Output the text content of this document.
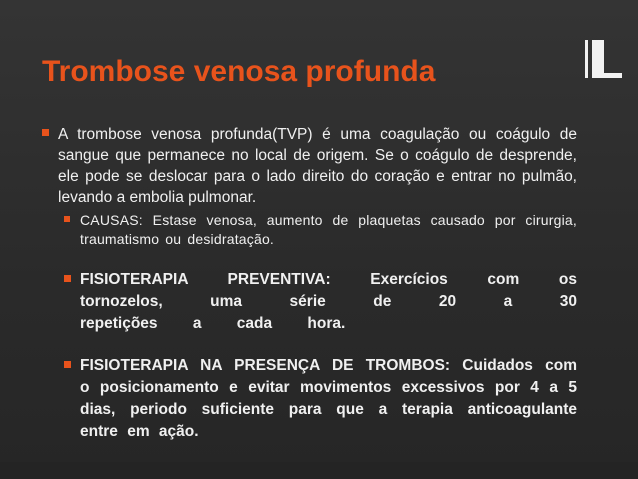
Trombose venosa profunda
A trombose venosa profunda(TVP) é uma coagulação ou coágulo de sangue que permanece no local de origem. Se o coágulo de desprende, ele pode se deslocar para o lado direito do coração e entrar no pulmão, levando a embolia pulmonar.
CAUSAS: Estase venosa, aumento de plaquetas causado por cirurgia, traumatismo ou desidratação.
FISIOTERAPIA PREVENTIVA: Exercícios com os tornozelos, uma série de 20 a 30 repetições a cada hora.
FISIOTERAPIA NA PRESENÇA DE TROMBOS: Cuidados com o posicionamento e evitar movimentos excessivos por 4 a 5 dias, periodo suficiente para que a terapia anticoagulante entre em ação.
